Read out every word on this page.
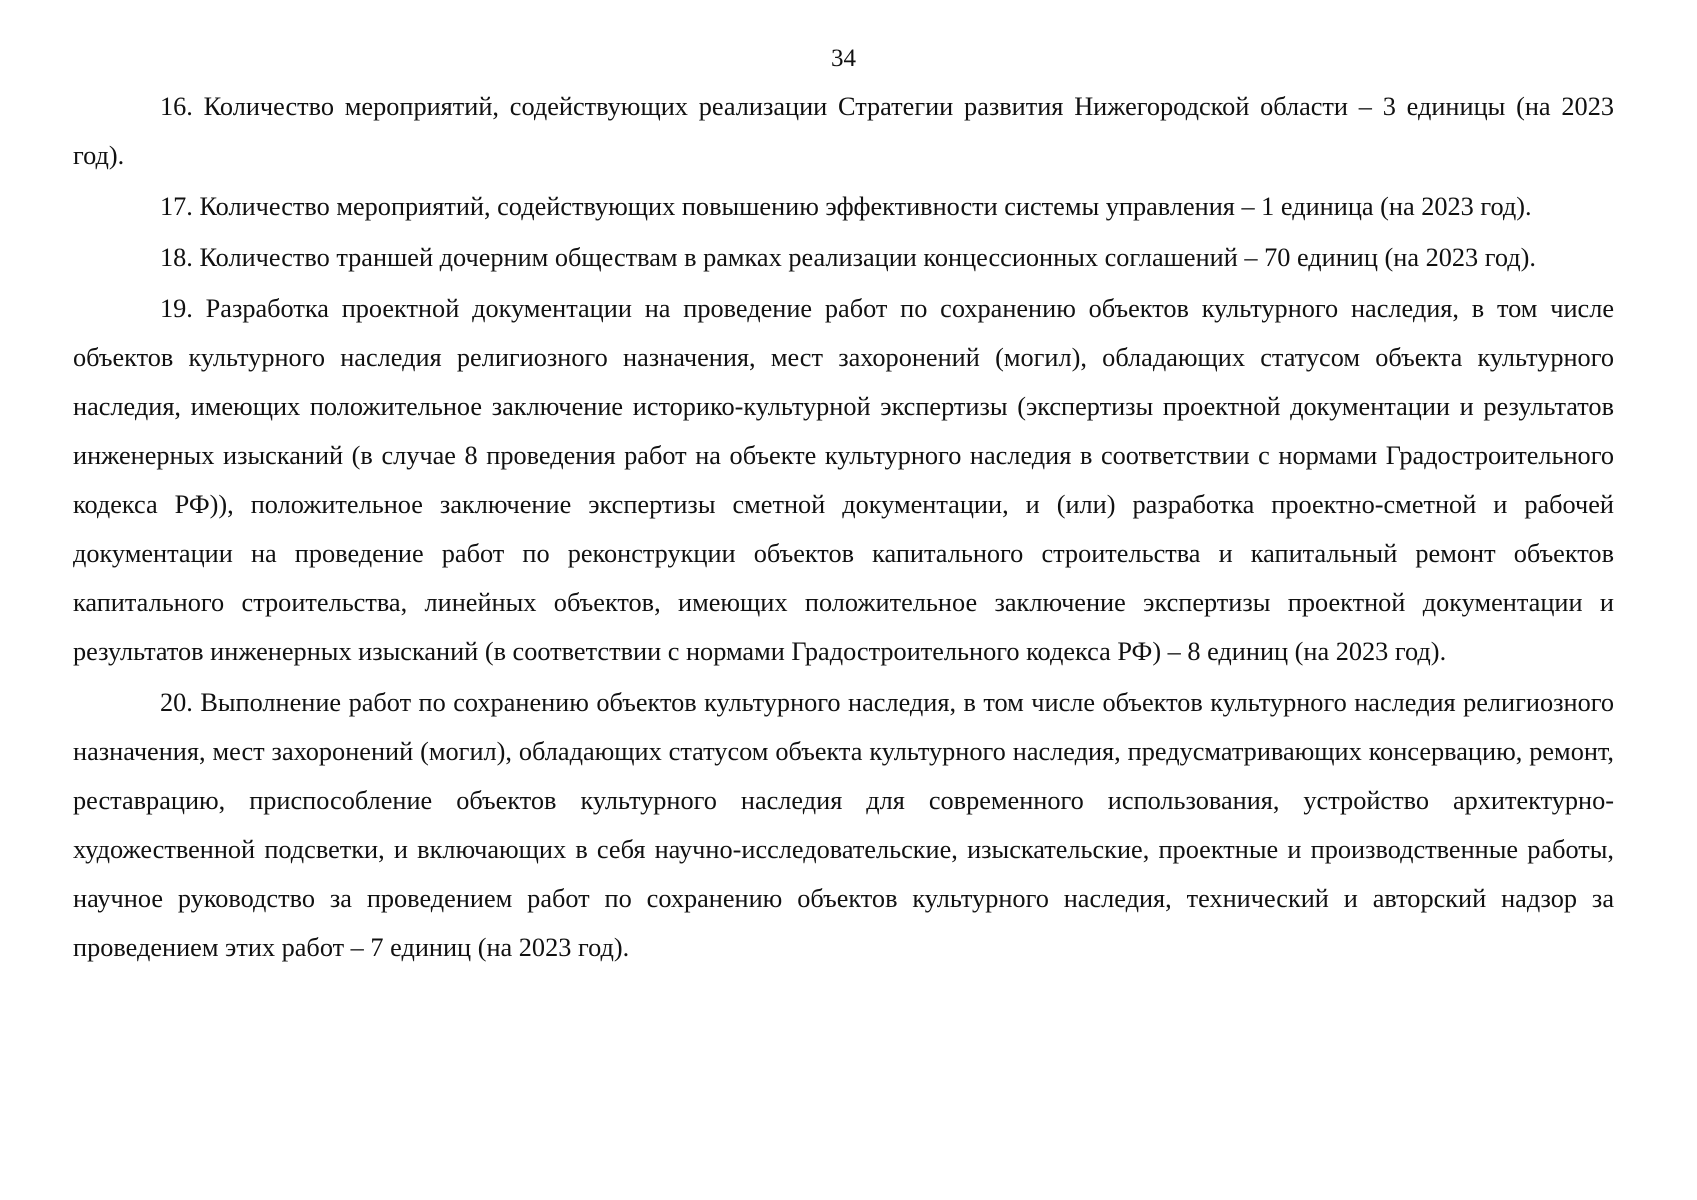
34

16. Количество мероприятий, содействующих реализации Стратегии развития Нижегородской области – 3 единицы (на 2023 год).

17. Количество мероприятий, содействующих повышению эффективности системы управления – 1 единица (на 2023 год).

18. Количество траншей дочерним обществам в рамках реализации концессионных соглашений – 70 единиц (на 2023 год).

19. Разработка проектной документации на проведение работ по сохранению объектов культурного наследия, в том числе объектов культурного наследия религиозного назначения, мест захоронений (могил), обладающих статусом объекта культурного наследия, имеющих положительное заключение историко-культурной экспертизы (экспертизы проектной документации и результатов инженерных изысканий (в случае 8 проведения работ на объекте культурного наследия в соответствии с нормами Градостроительного кодекса РФ)), положительное заключение экспертизы сметной документации, и (или) разработка проектно-сметной и рабочей документации на проведение работ по реконструкции объектов капитального строительства и капитальный ремонт объектов капитального строительства, линейных объектов, имеющих положительное заключение экспертизы проектной документации и результатов инженерных изысканий (в соответствии с нормами Градостроительного кодекса РФ) – 8 единиц (на 2023 год).

20. Выполнение работ по сохранению объектов культурного наследия, в том числе объектов культурного наследия религиозного назначения, мест захоронений (могил), обладающих статусом объекта культурного наследия, предусматривающих консервацию, ремонт, реставрацию, приспособление объектов культурного наследия для современного использования, устройство архитектурно-художественной подсветки, и включающих в себя научно-исследовательские, изыскательские, проектные и производственные работы, научное руководство за проведением работ по сохранению объектов культурного наследия, технический и авторский надзор за проведением этих работ – 7 единиц (на 2023 год).
